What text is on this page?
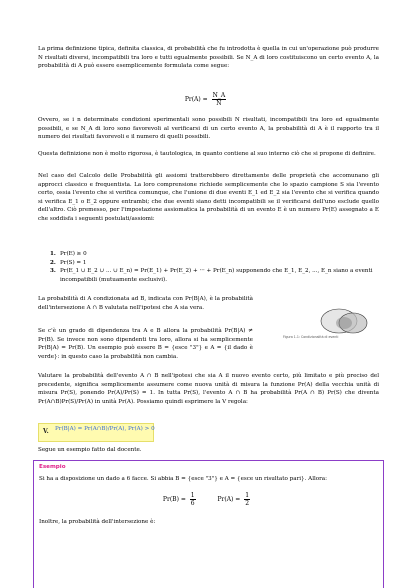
La prima definizione tipica, definita classica, di probabilità che fu introdotta è quella in cui un'operazione può produrre N risultati diversi, incompatibili tra loro e tutti egualmente possibili. Se N_A di loro costituiscono un certo evento A, la probabilità di A può essere esemplicemente formulata come segue:

$Pr(A) = \frac{N\_A}{N}$

Ovvero, se i n determinate condizioni sperimentali sono possibili N risultati, incompatibili tra loro ed egualmente possibili, e se N_A di loro sono favorevoli al verificarsi di un certo evento A, la probabilità di A è il rapporto tra il numero dei risultati favorevoli e il numero di quelli possibili.

Questa definizione non è molto rigorosa, è tautologica, in quanto contiene al suo interno ciò che si propone di definire.

Nel caso del Calcolo delle Probabilità gli assiomi tratterebbero direttamente delle proprietà che accomunano gli approcci classico e frequentista. La loro comprensione richiede semplicemente che lo spazio campione S sia l'evento certo, ossia l'evento che si verifica comunque, che l'unione di due eventi E_1 ed E_2 sia l'evento che si verifica quando si verifica E_1 o E_2 oppure entrambi; che due eventi siano detti incompatibili se il verificarsi dell'uno esclude quello dell'altro. Ciò premesso, per l'impostazione assiomatica la probabilità di un evento E è un numero Pr(E) assegnato a E che soddisfa i seguenti postulati/assiomi:

1. Pr(E) ≥ 0
2. Pr(S) = 1
3. Pr(E_1 ∪ E_2 ∪ ... ∪ E_n) = Pr(E_1) + Pr(E_2) + ··· + Pr(E_n) supponendo che E_1, E_2, ..., E_n siano a eventi incompatibili (mutuamente esclusivi).

La probabilità di A condizionata ad B, indicata con Pr(B|A), è la probabilità dell'intersezione A ∩ B valutata nell'ipotesi che A sia vera.

Se c'è un grado di dipendenza tra A e B allora la probabilità Pr(B|A) ≠ Pr(B). Se invece non sono dipendenti tra loro, allora si ha semplicemente Pr(B|A) = Pr(B). Un esempio può essere B = {esce "3"} e A = {il dado è verde}: in questo caso la probabilità non cambia.

Figura 1.1: Condizionalità di eventi

Valutare la probabilità dell'evento A ∩ B nell'ipotesi che sia A il nuovo evento certo, più limitato e più preciso del precedente, significa semplicemente assumere come nuova unità di misura la funzione Pr(A) della vecchia unità di misura Pr(S), ponendo Pr(A)/Pr(S) = 1. In tutta Pr(S), l'evento A ∩ B ha probabilità Pr(A ∩ B) Pr(S) che diventa Pr(A∩B)Pr(S)/Pr(A) in unità Pr(A). Possiamo quindi esprimere la V regola:

V. Pr(B|A) = Pr(A∩B)/Pr(A), Pr(A) > 0

Segue un esempio fatto dal docente.

Esempio

Si ha a disposizione un dado a 6 facce. Si abbia B = {esce "3"} e A = {esce un risultato pari}. Allora:

$Pr(B) = \frac{1}{6}$	$Pr(A) = \frac{1}{2}$

Inoltre, la probabilità dell'intersezione è:
